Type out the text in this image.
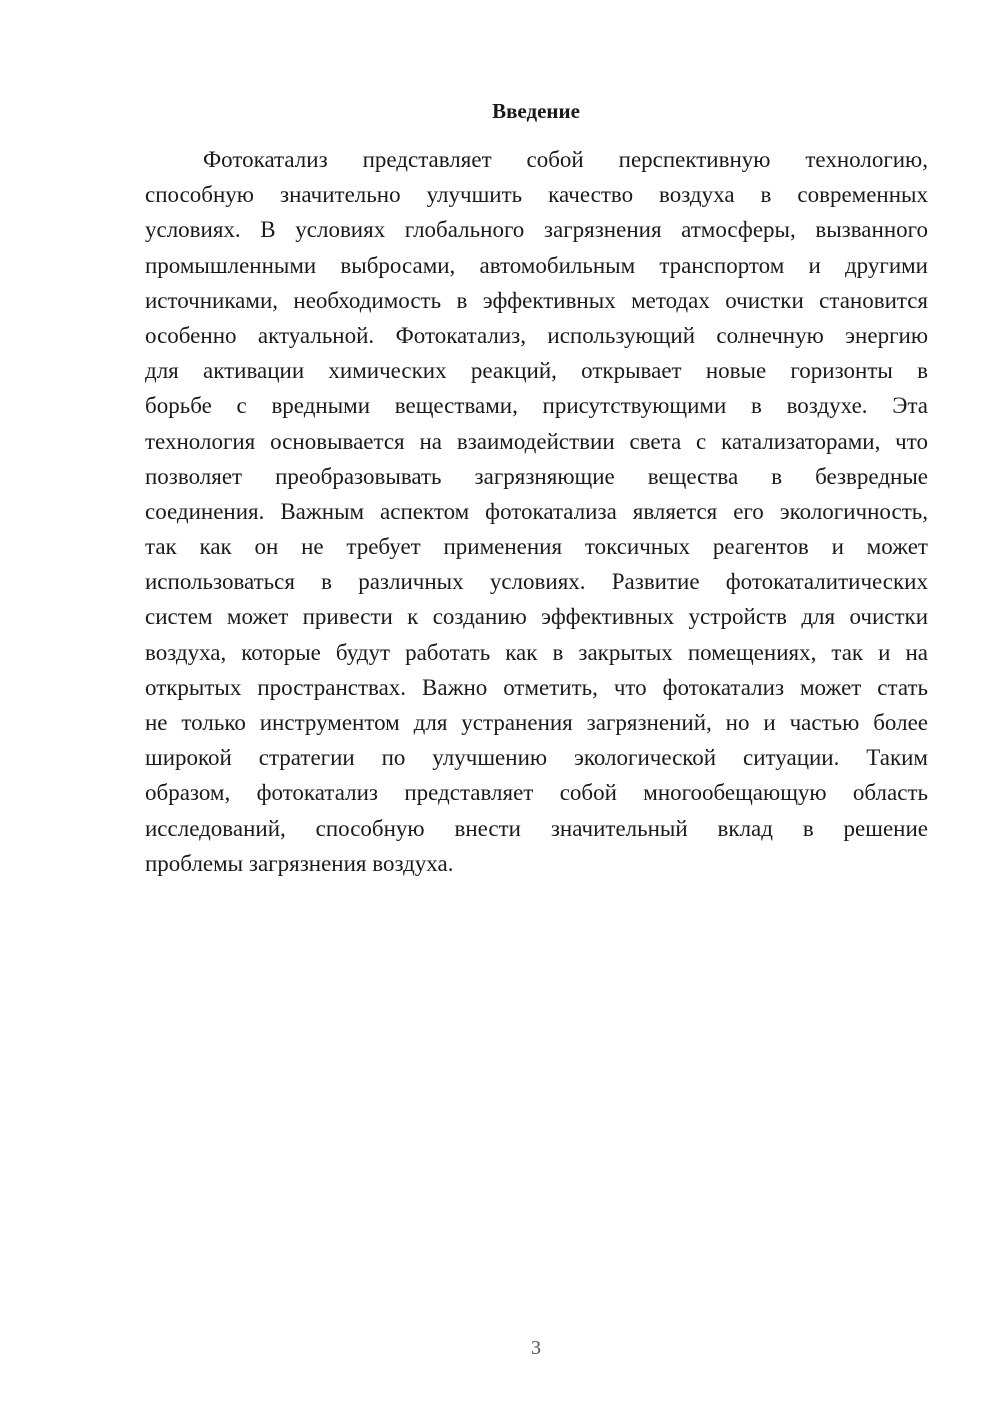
Введение
Фотокатализ представляет собой перспективную технологию,
способную значительно улучшить качество воздуха в современных
условиях. В условиях глобального загрязнения атмосферы, вызванного
промышленными выбросами, автомобильным транспортом и другими
источниками, необходимость в эффективных методах очистки становится
особенно актуальной. Фотокатализ, использующий солнечную энергию
для активации химических реакций, открывает новые горизонты в
борьбе с вредными веществами, присутствующими в воздухе. Эта
технология основывается на взаимодействии света с катализаторами, что
позволяет преобразовывать загрязняющие вещества в безвредные
соединения. Важным аспектом фотокатализа является его экологичность,
так как он не требует применения токсичных реагентов и может
использоваться в различных условиях. Развитие фотокаталитических
систем может привести к созданию эффективных устройств для очистки
воздуха, которые будут работать как в закрытых помещениях, так и на
открытых пространствах. Важно отметить, что фотокатализ может стать
не только инструментом для устранения загрязнений, но и частью более
широкой стратегии по улучшению экологической ситуации. Таким
образом, фотокатализ представляет собой многообещающую область
исследований, способную внести значительный вклад в решение
проблемы загрязнения воздуха.
3
